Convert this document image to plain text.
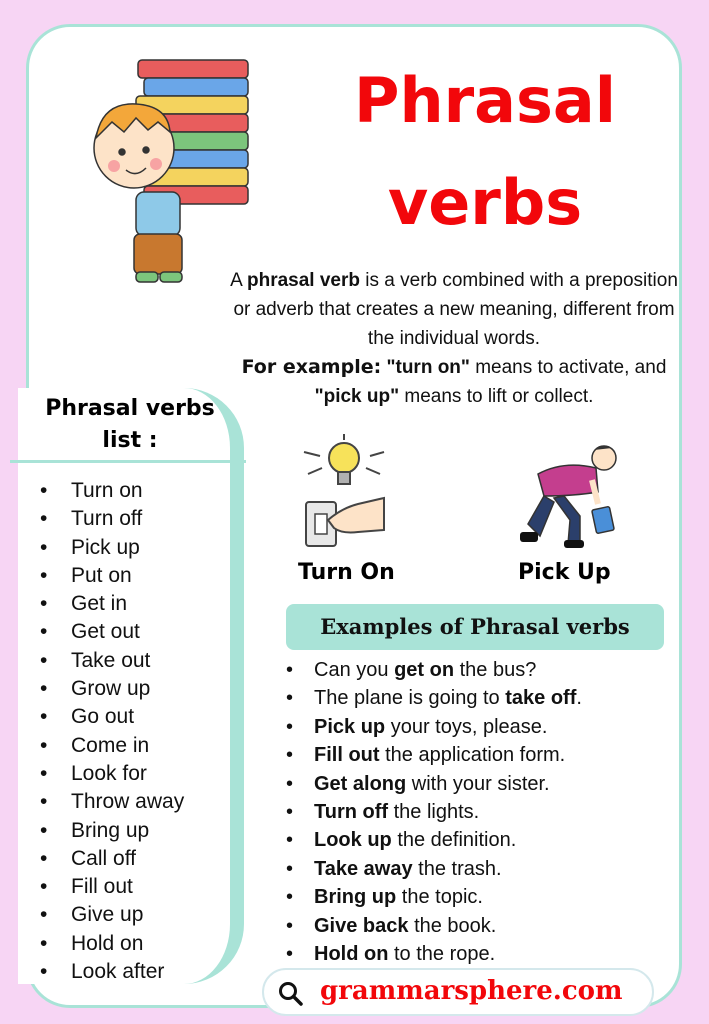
Phrasal
verbs
A phrasal verb is a verb combined with a preposition or adverb that creates a new meaning, different from the individual words.
For example: "turn on" means to activate, and "pick up" means to lift or collect.
Phrasal verbs list :
• Turn on
• Turn off
• Pick up
• Put on
• Get in
• Get out
• Take out
• Grow up
• Go out
• Come in
• Look for
• Throw away
• Bring up
• Call off
• Fill out
• Give up
• Hold on
• Look after
Turn On	Pick Up
Examples of Phrasal verbs
• Can you get on the bus?
• The plane is going to take off.
• Pick up your toys, please.
• Fill out the application form.
• Get along with your sister.
• Turn off the lights.
• Look up the definition.
• Take away the trash.
• Bring up the topic.
• Give back the book.
• Hold on to the rope.
grammarsphere.com
